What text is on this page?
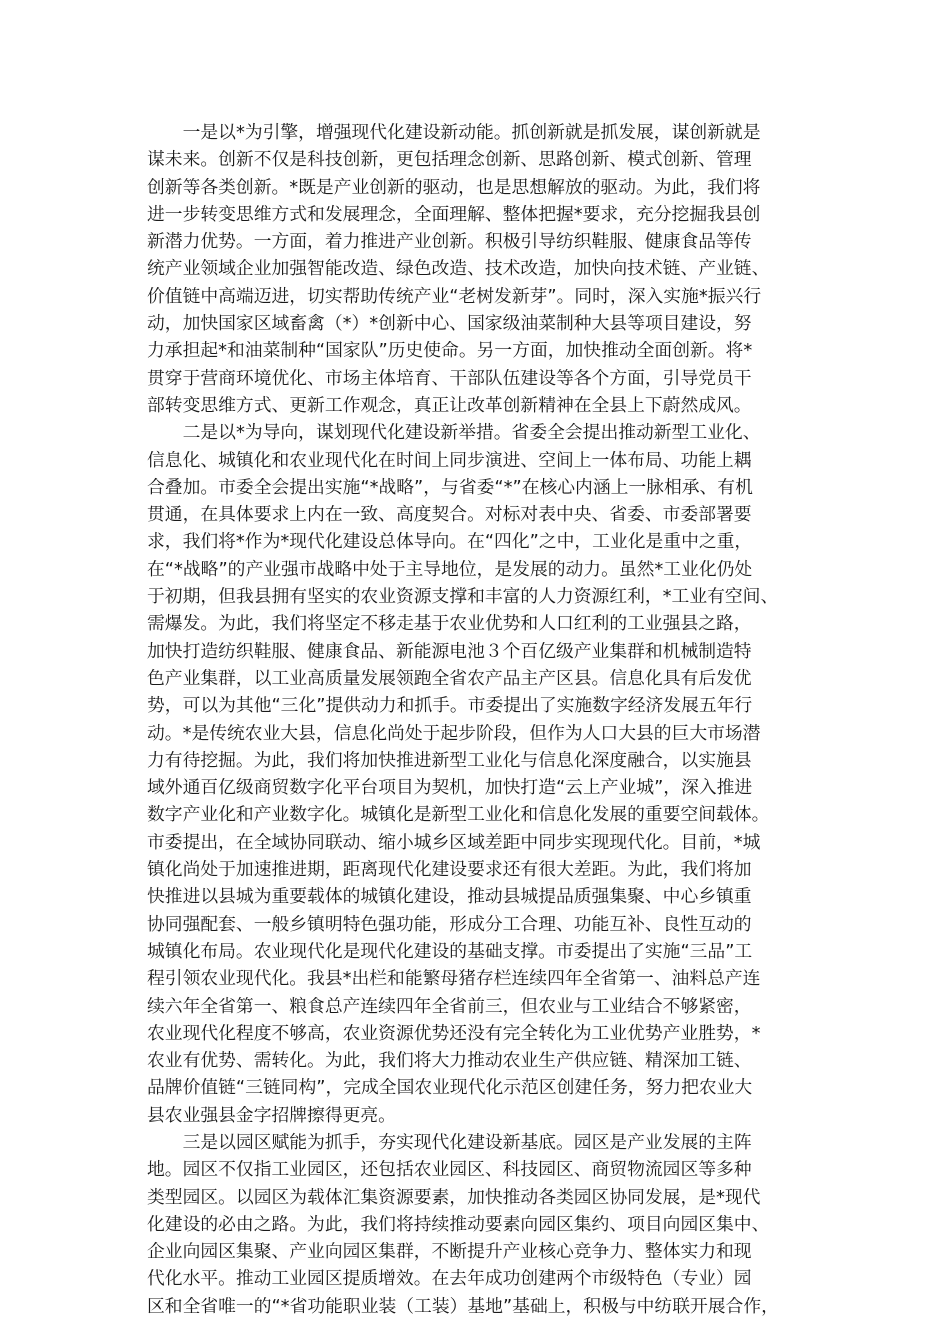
一是以*为引擎，增强现代化建设新动能。抓创新就是抓发展，谋创新就是
谋未来。创新不仅是科技创新，更包括理念创新、思路创新、模式创新、管理
创新等各类创新。*既是产业创新的驱动，也是思想解放的驱动。为此，我们将
进一步转变思维方式和发展理念，全面理解、整体把握*要求，充分挖掘我县创
新潜力优势。一方面，着力推进产业创新。积极引导纺织鞋服、健康食品等传
统产业领域企业加强智能改造、绿色改造、技术改造，加快向技术链、产业链、
价值链中高端迈进，切实帮助传统产业“老树发新芽”。同时，深入实施*振兴行
动，加快国家区域畜禽（*）*创新中心、国家级油菜制种大县等项目建设，努
力承担起*和油菜制种“国家队”历史使命。另一方面，加快推动全面创新。将*
贯穿于营商环境优化、市场主体培育、干部队伍建设等各个方面，引导党员干
部转变思维方式、更新工作观念，真正让改革创新精神在全县上下蔚然成风。
二是以*为导向，谋划现代化建设新举措。省委全会提出推动新型工业化、
信息化、城镇化和农业现代化在时间上同步演进、空间上一体布局、功能上耦
合叠加。市委全会提出实施“*战略”，与省委“*”在核心内涵上一脉相承、有机
贯通，在具体要求上内在一致、高度契合。对标对表中央、省委、市委部署要
求，我们将*作为*现代化建设总体导向。在“四化”之中，工业化是重中之重，
在“*战略”的产业强市战略中处于主导地位，是发展的动力。虽然*工业化仍处
于初期，但我县拥有坚实的农业资源支撑和丰富的人力资源红利，*工业有空间、
需爆发。为此，我们将坚定不移走基于农业优势和人口红利的工业强县之路，
加快打造纺织鞋服、健康食品、新能源电池３个百亿级产业集群和机械制造特
色产业集群，以工业高质量发展领跑全省农产品主产区县。信息化具有后发优
势，可以为其他“三化”提供动力和抓手。市委提出了实施数字经济发展五年行
动。*是传统农业大县，信息化尚处于起步阶段，但作为人口大县的巨大市场潜
力有待挖掘。为此，我们将加快推进新型工业化与信息化深度融合，以实施县
域外通百亿级商贸数字化平台项目为契机，加快打造“云上产业城”，深入推进
数字产业化和产业数字化。城镇化是新型工业化和信息化发展的重要空间载体。
市委提出，在全域协同联动、缩小城乡区域差距中同步实现现代化。目前，*城
镇化尚处于加速推进期，距离现代化建设要求还有很大差距。为此，我们将加
快推进以县城为重要载体的城镇化建设，推动县城提品质强集聚、中心乡镇重
协同强配套、一般乡镇明特色强功能，形成分工合理、功能互补、良性互动的
城镇化布局。农业现代化是现代化建设的基础支撑。市委提出了实施“三品”工
程引领农业现代化。我县*出栏和能繁母猪存栏连续四年全省第一、油料总产连
续六年全省第一、粮食总产连续四年全省前三，但农业与工业结合不够紧密，
农业现代化程度不够高，农业资源优势还没有完全转化为工业优势产业胜势，*
农业有优势、需转化。为此，我们将大力推动农业生产供应链、精深加工链、
品牌价值链“三链同构”，完成全国农业现代化示范区创建任务，努力把农业大
县农业强县金字招牌擦得更亮。
三是以园区赋能为抓手，夯实现代化建设新基底。园区是产业发展的主阵
地。园区不仅指工业园区，还包括农业园区、科技园区、商贸物流园区等多种
类型园区。以园区为载体汇集资源要素，加快推动各类园区协同发展，是*现代
化建设的必由之路。为此，我们将持续推动要素向园区集约、项目向园区集中、
企业向园区集聚、产业向园区集群，不断提升产业核心竞争力、整体实力和现
代化水平。推动工业园区提质增效。在去年成功创建两个市级特色（专业）园
区和全省唯一的“*省功能职业装（工装）基地”基础上，积极与中纺联开展合作，
